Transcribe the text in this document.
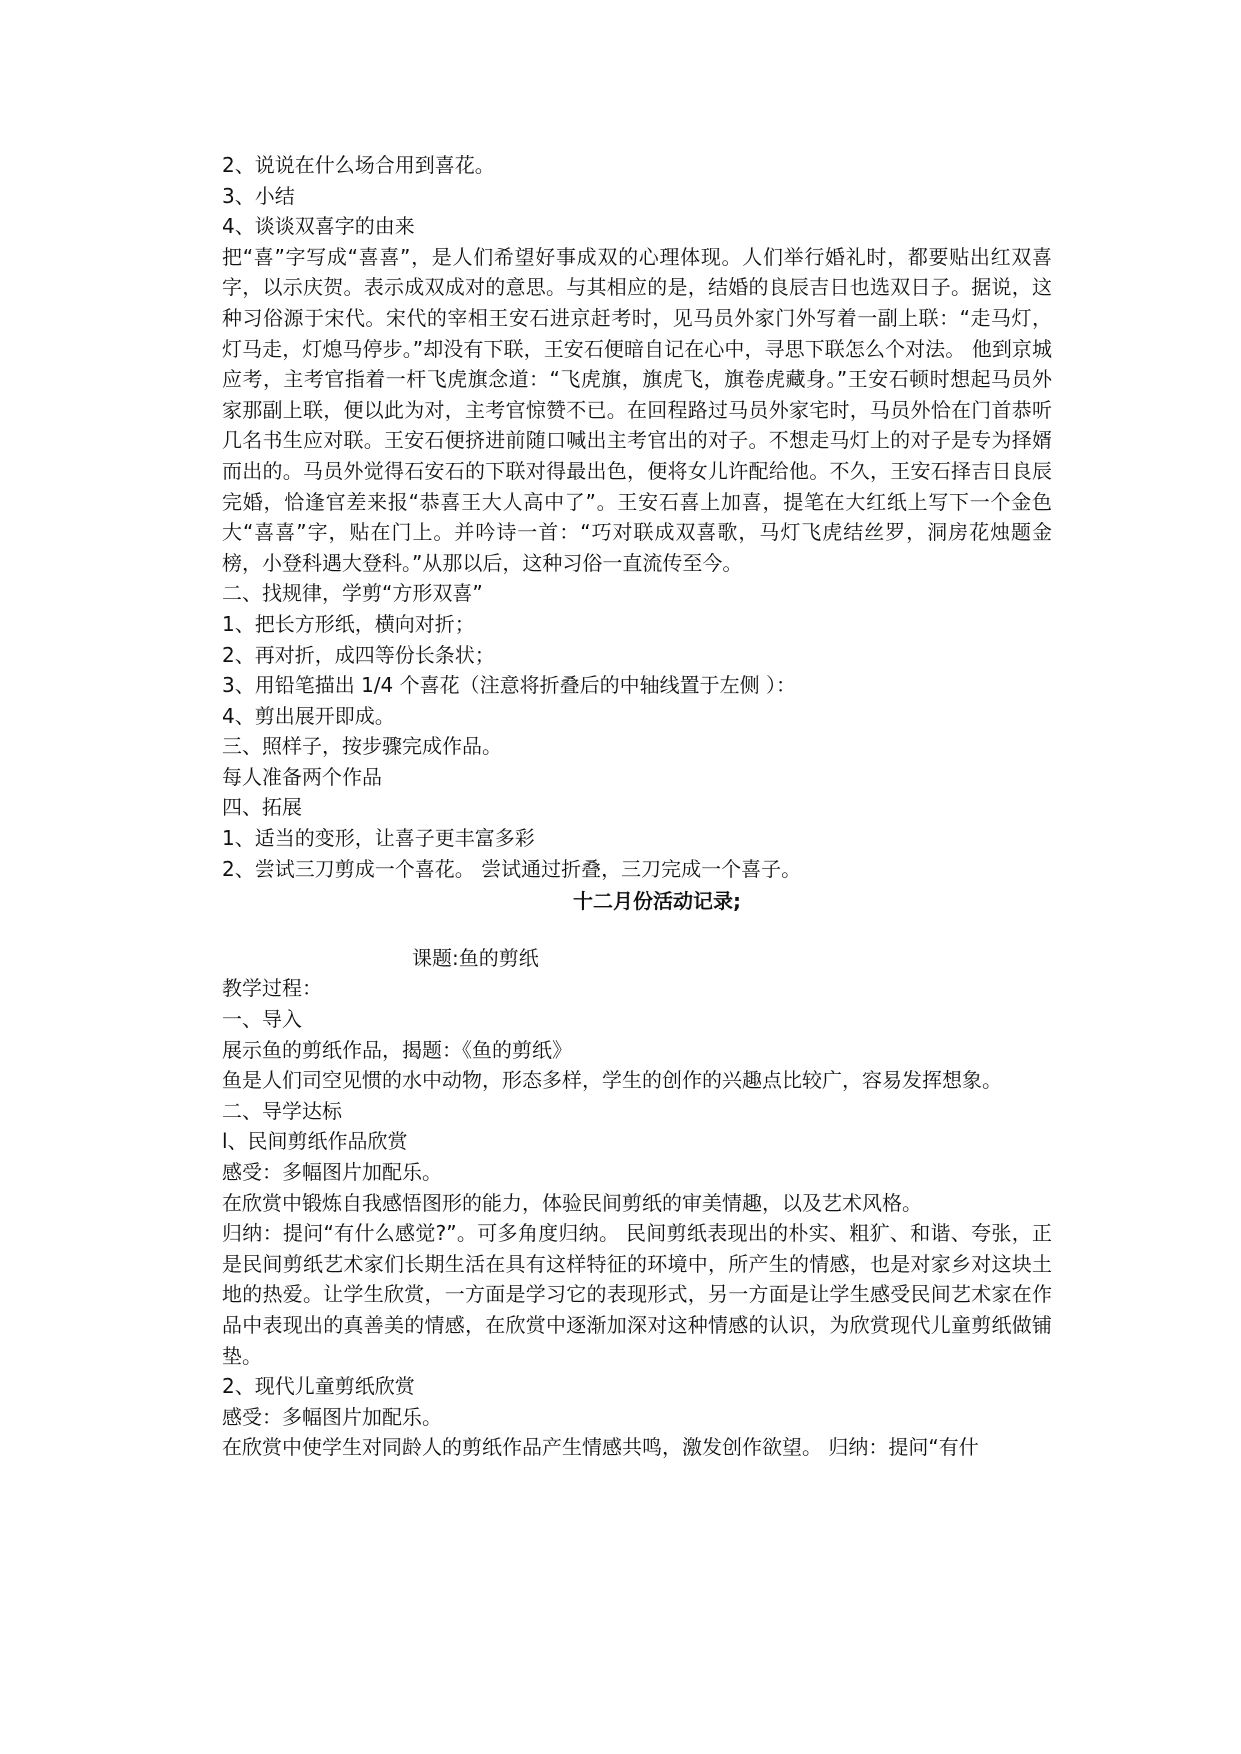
2、说说在什么场合用到喜花。

3、小结

4、谈谈双喜字的由来

把“喜”字写成“喜喜”，是人们希望好事成双的心理体现。人们举行婚礼时，都要贴出红双喜字，以示庆贺。表示成双成对的意思。与其相应的是，结婚的良辰吉日也选双日子。据说，这种习俗源于宋代。宋代的宰相王安石进京赶考时，见马员外家门外写着一副上联：“走马灯，灯马走，灯熄马停步。”却没有下联，王安石便暗自记在心中，寻思下联怎么个对法。 他到京城应考，主考官指着一杆飞虎旗念道：“飞虎旗，旗虎飞，旗卷虎藏身。”王安石顿时想起马员外家那副上联，便以此为对，主考官惊赞不已。在回程路过马员外家宅时，马员外恰在门首恭听几名书生应对联。王安石便挤进前随口喊出主考官出的对子。不想走马灯上的对子是专为择婿而出的。马员外觉得石安石的下联对得最出色，便将女儿许配给他。不久，王安石择吉日良辰完婚，恰逢官差来报“恭喜王大人高中了”。王安石喜上加喜，提笔在大红纸上写下一个金色大“喜喜”字，贴在门上。并吟诗一首：“巧对联成双喜歌，马灯飞虎结丝罗，洞房花烛题金榜，小登科遇大登科。”从那以后，这种习俗一直流传至今。

二、找规律，学剪“方形双喜”

1、把长方形纸，横向对折；

2、再对折，成四等份长条状；

3、用铅笔描出 1/4 个喜花（注意将折叠后的中轴线置于左侧 ）：

4、剪出展开即成。

三、照样子，按步骤完成作品。

每人准备两个作品

四、拓展

1、适当的变形，让喜子更丰富多彩

2、尝试三刀剪成一个喜花。 尝试通过折叠，三刀完成一个喜子。

十二月份活动记录;

课题:鱼的剪纸

教学过程：

一、导入

展示鱼的剪纸作品，揭题：《鱼的剪纸》

鱼是人们司空见惯的水中动物，形态多样，学生的创作的兴趣点比较广，容易发挥想象。

二、导学达标

l、民间剪纸作品欣赏

感受：多幅图片加配乐。

在欣赏中锻炼自我感悟图形的能力，体验民间剪纸的审美情趣，以及艺术风格。

归纳：提问“有什么感觉?”。可多角度归纳。 民间剪纸表现出的朴实、粗犷、和谐、夸张，正是民间剪纸艺术家们长期生活在具有这样特征的环境中，所产生的情感，也是对家乡对这块土地的热爱。让学生欣赏，一方面是学习它的表现形式，另一方面是让学生感受民间艺术家在作品中表现出的真善美的情感，在欣赏中逐渐加深对这种情感的认识，为欣赏现代儿童剪纸做铺垫。

2、现代儿童剪纸欣赏

感受：多幅图片加配乐。

在欣赏中使学生对同龄人的剪纸作品产生情感共鸣，激发创作欲望。 归纳：提问“有什
